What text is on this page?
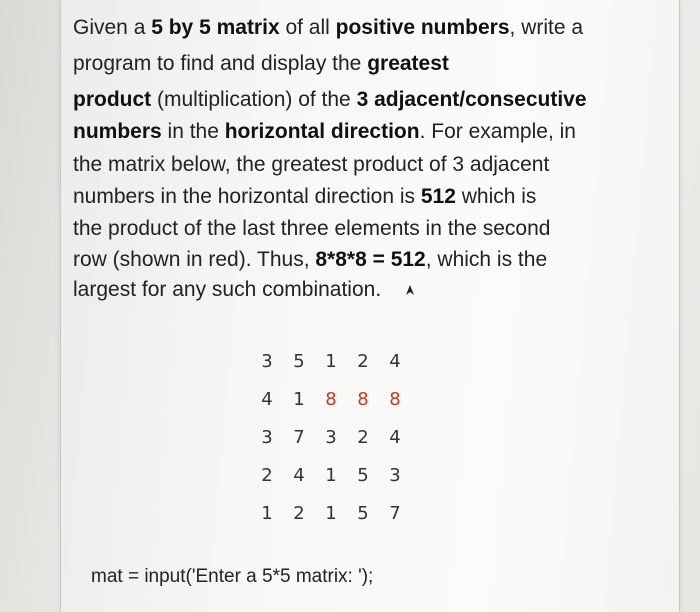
Given a 5 by 5 matrix of all positive numbers, write a
program to find and display the greatest
product (multiplication) of the 3 adjacent/consecutive
numbers in the horizontal direction. For example, in
the matrix below, the greatest product of 3 adjacent
numbers in the horizontal direction is 512 which is
the product of the last three elements in the second
row (shown in red). Thus, 8*8*8 = 512, which is the
largest for any such combination.
3	5	1	2	4
4	1	8	8	8
3	7	3	2	4
2	4	1	5	3
1	2	1	5	7
mat = input('Enter a 5*5 matrix: ');
